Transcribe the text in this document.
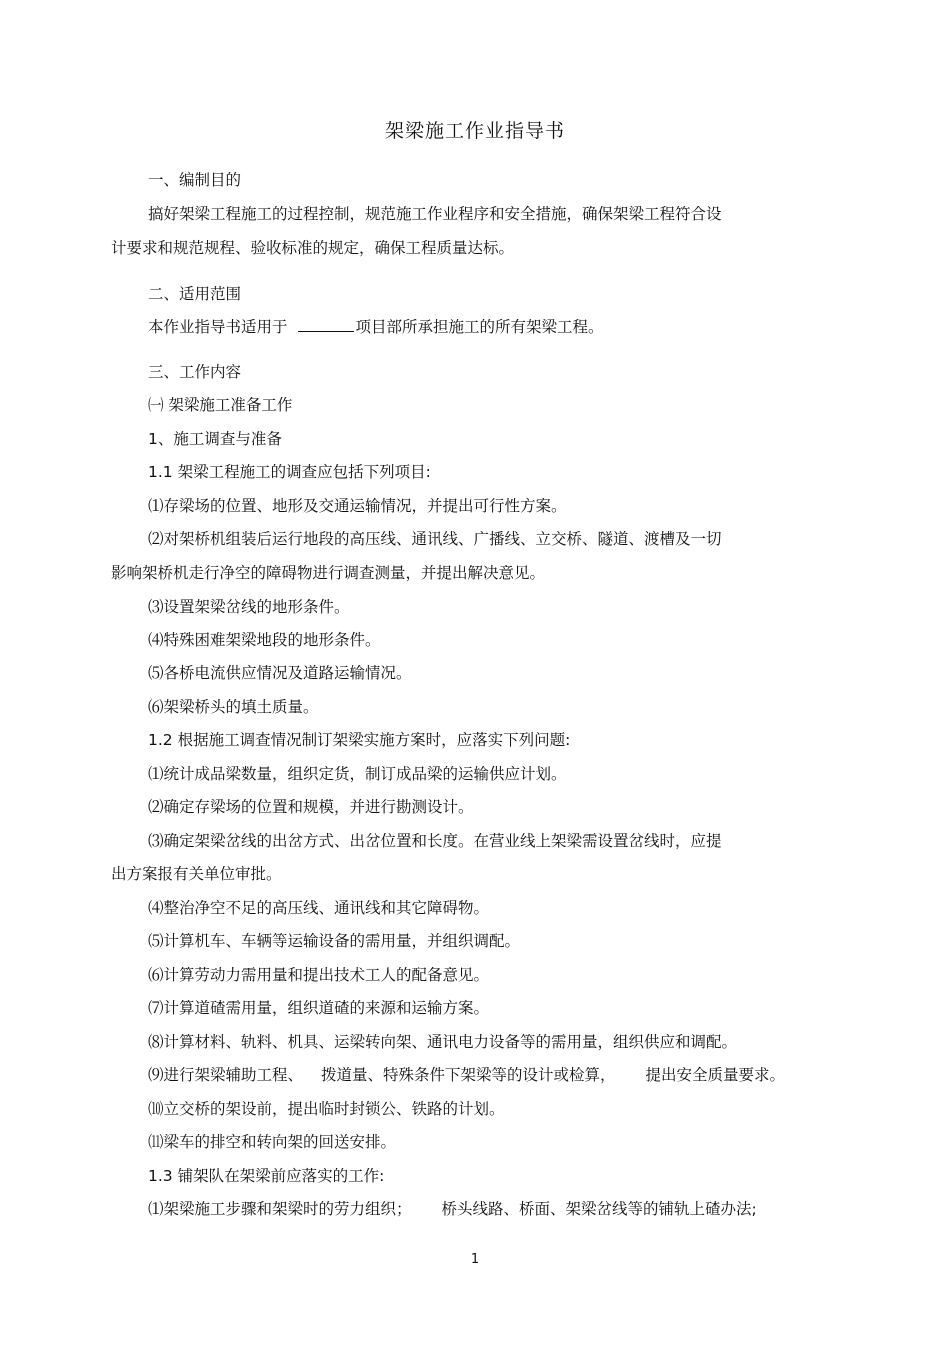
架梁施工作业指导书
一、编制目的
搞好架梁工程施工的过程控制，规范施工作业程序和安全措施，确保架梁工程符合设
计要求和规范规程、验收标准的规定，确保工程质量达标。
二、适用范围
本作业指导书适用于	项目部所承担施工的所有架梁工程。
三、工作内容
㈠ 架梁施工准备工作
1、施工调查与准备
1.1 架梁工程施工的调查应包括下列项目:
⑴存梁场的位置、地形及交通运输情况，并提出可行性方案。
⑵对架桥机组装后运行地段的高压线、通讯线、广播线、立交桥、隧道、渡槽及一切
影响架桥机走行净空的障碍物进行调查测量，并提出解决意见。
⑶设置架梁岔线的地形条件。
⑷特殊困难架梁地段的地形条件。
⑸各桥电流供应情况及道路运输情况。
⑹架梁桥头的填土质量。
1.2 根据施工调查情况制订架梁实施方案时，应落实下列问题:
⑴统计成品梁数量，组织定货，制订成品梁的运输供应计划。
⑵确定存梁场的位置和规模，并进行勘测设计。
⑶确定架梁岔线的出岔方式、出岔位置和长度。在营业线上架梁需设置岔线时，应提
出方案报有关单位审批。
⑷整治净空不足的高压线、通讯线和其它障碍物。
⑸计算机车、车辆等运输设备的需用量，并组织调配。
⑹计算劳动力需用量和提出技术工人的配备意见。
⑺计算道碴需用量，组织道碴的来源和运输方案。
⑻计算材料、轨料、机具、运梁转向架、通讯电力设备等的需用量，组织供应和调配。
⑼进行架梁辅助工程、 拨道量、特殊条件下架梁等的设计或检算， 提出安全质量要求。
⑽立交桥的架设前，提出临时封锁公、铁路的计划。
⑾梁车的排空和转向架的回送安排。
1.3 铺架队在架梁前应落实的工作:
⑴架梁施工步骤和架梁时的劳力组织； 桥头线路、桥面、架梁岔线等的铺轨上碴办法;
1
